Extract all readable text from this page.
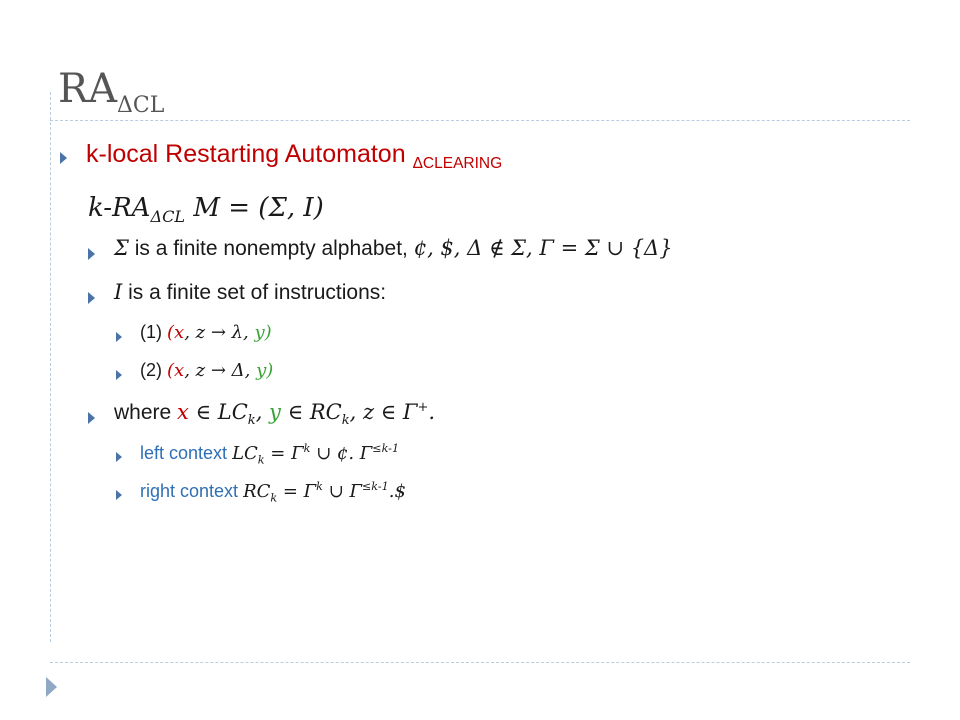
$RA_{\Delta CL}$
k-local Restarting Automaton $_{\Delta CLEARING}$
$k-RA_{\Delta CL}$ M = (Σ, I)
Σ is a finite nonempty alphabet, ¢, $, Δ ∉ Σ, Γ = Σ ∪ {Δ}
I is a finite set of instructions:
(1) (x, z → λ, y)
(2) (x, z → Δ, y)
where x ∈ $LC_k$, y ∈ $RC_k$, z ∈ Γ+.
left context $LC_k = \Gamma^k$ ∪ ¢. $\Gamma^{\le k-1}$
right context $RC_k = \Gamma^k$ ∪ $\Gamma^{\le k-1}.\$$
